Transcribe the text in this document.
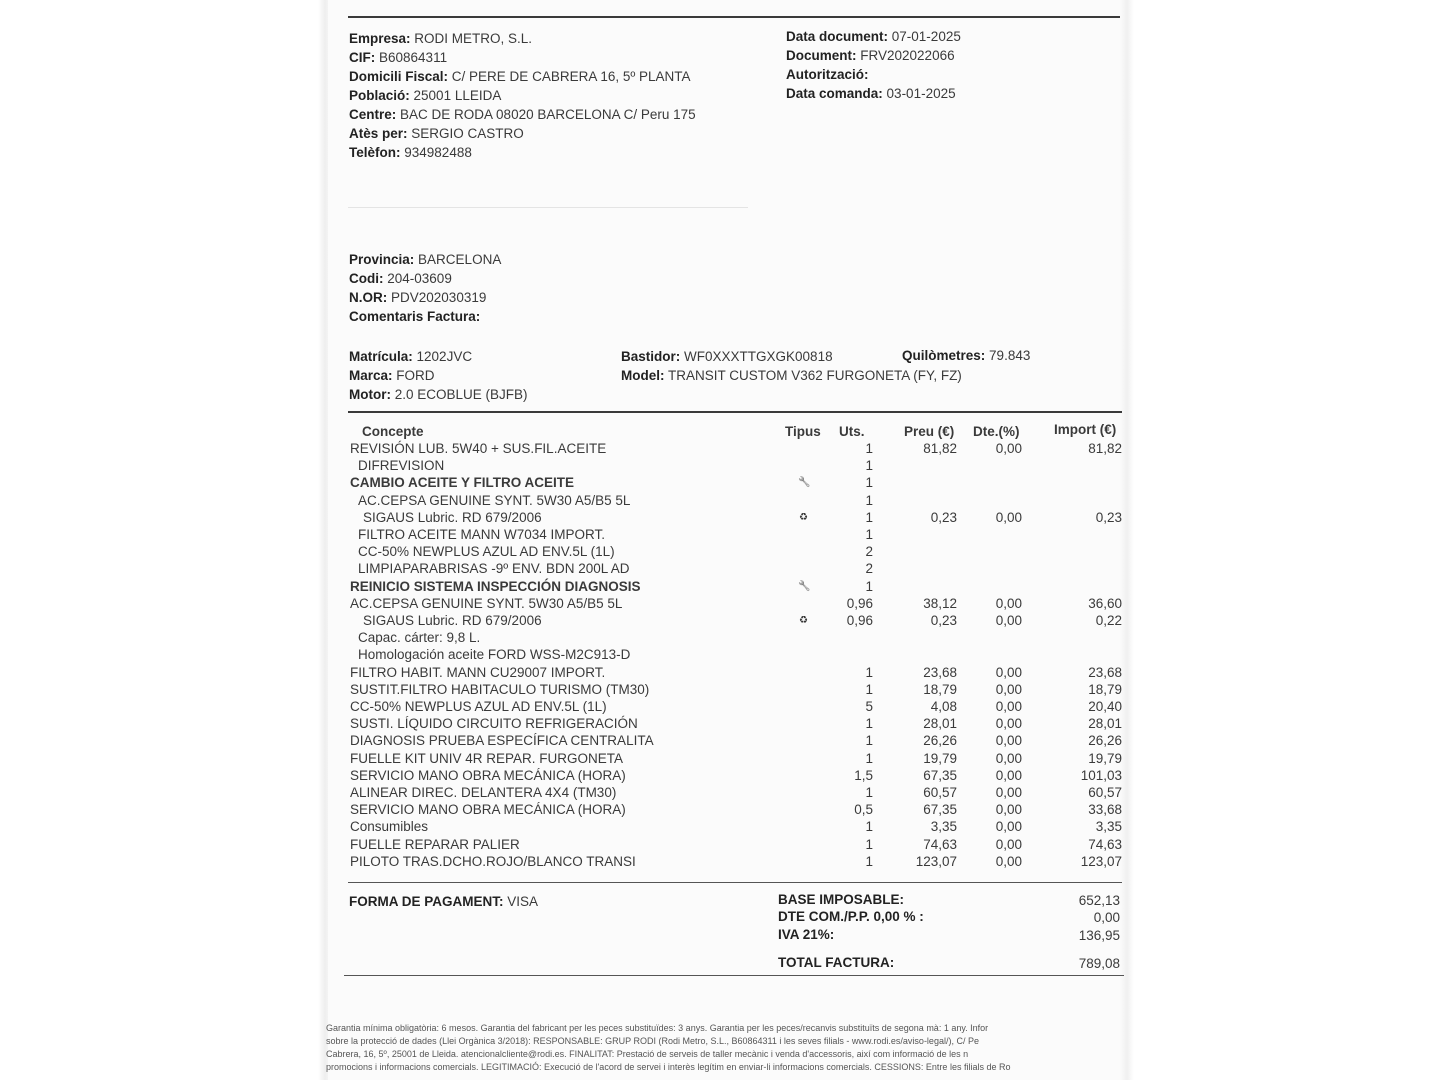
Empresa: RODI METRO, S.L.
CIF: B60864311
Domicili Fiscal: C/ PERE DE CABRERA 16, 5º PLANTA
Població: 25001 LLEIDA
Centre: BAC DE RODA 08020 BARCELONA C/ Peru 175
Atès per: SERGIO CASTRO
Telèfon: 934982488
Data document: 07-01-2025
Document: FRV202022066
Autorització:
Data comanda: 03-01-2025
Provincia: BARCELONA
Codi: 204-03609
N.OR: PDV202030319
Comentaris Factura:
Matrícula: 1202JVC
Marca: FORD
Motor: 2.0 ECOBLUE (BJFB)
Bastidor: WF0XXXTTGXGK00818
Model: TRANSIT CUSTOM V362 FURGONETA (FY, FZ)
Quilòmetres: 79.843
Concepte	Tipus Uts.	Preu (€) Dte.(%)	Import (€)
REVISIÓN LUB. 5W40 + SUS.FIL.ACEITE	1	81,82	0,00	81,82
DIFREVISION	1
CAMBIO ACEITE Y FILTRO ACEITE	🔧	1
AC.CEPSA GENUINE SYNT. 5W30 A5/B5 5L	1
SIGAUS Lubric. RD 679/2006	♻	1	0,23	0,00	0,23
FILTRO ACEITE MANN W7034 IMPORT.	1
CC-50% NEWPLUS AZUL AD ENV.5L (1L)	2
LIMPIAPARABRISAS -9º ENV. BDN 200L AD	2
REINICIO SISTEMA INSPECCIÓN DIAGNOSIS	🔧	1
AC.CEPSA GENUINE SYNT. 5W30 A5/B5 5L	0,96	38,12	0,00	36,60
SIGAUS Lubric. RD 679/2006	♻	0,96	0,23	0,00	0,22
Capac. cárter: 9,8 L.
Homologación aceite FORD WSS-M2C913-D
FILTRO HABIT. MANN CU29007 IMPORT.	1	23,68	0,00	23,68
SUSTIT.FILTRO HABITACULO TURISMO (TM30)	1	18,79	0,00	18,79
CC-50% NEWPLUS AZUL AD ENV.5L (1L)	5	4,08	0,00	20,40
SUSTI. LÍQUIDO CIRCUITO REFRIGERACIÓN	1	28,01	0,00	28,01
DIAGNOSIS PRUEBA ESPECÍFICA CENTRALITA	1	26,26	0,00	26,26
FUELLE KIT UNIV 4R REPAR. FURGONETA	1	19,79	0,00	19,79
SERVICIO MANO OBRA MECÁNICA (HORA)	1,5	67,35	0,00	101,03
ALINEAR DIREC. DELANTERA 4X4 (TM30)	1	60,57	0,00	60,57
SERVICIO MANO OBRA MECÁNICA (HORA)	0,5	67,35	0,00	33,68
Consumibles	1	3,35	0,00	3,35
FUELLE REPARAR PALIER	1	74,63	0,00	74,63
PILOTO TRAS.DCHO.ROJO/BLANCO TRANSI	1	123,07	0,00	123,07
FORMA DE PAGAMENT: VISA	BASE IMPOSABLE:	652,13
DTE COM./P.P. 0,00 % :	0,00
IVA 21%:	136,95
TOTAL FACTURA:	789,08
Garantia mínima obligatòria: 6 mesos. Garantia del fabricant per les peces substituïdes: 3 anys. Garantia per les peces/recanvis substituïts de segona mà: 1 any. Infor
sobre la protecció de dades (Llei Orgànica 3/2018): RESPONSABLE: GRUP RODI (Rodi Metro, S.L., B60864311 i les seves filials - www.rodi.es/aviso-legal/), C/ Pe
Cabrera, 16, 5º, 25001 de Lleida. atencionalcliente@rodi.es. FINALITAT: Prestació de serveis de taller mecànic i venda d'accessoris, així com informació de les n
promocions i informacions comercials. LEGITIMACIÓ: Execució de l'acord de servei i interès legítim en enviar-li informacions comercials. CESSIONS: Entre les filials de Ro
